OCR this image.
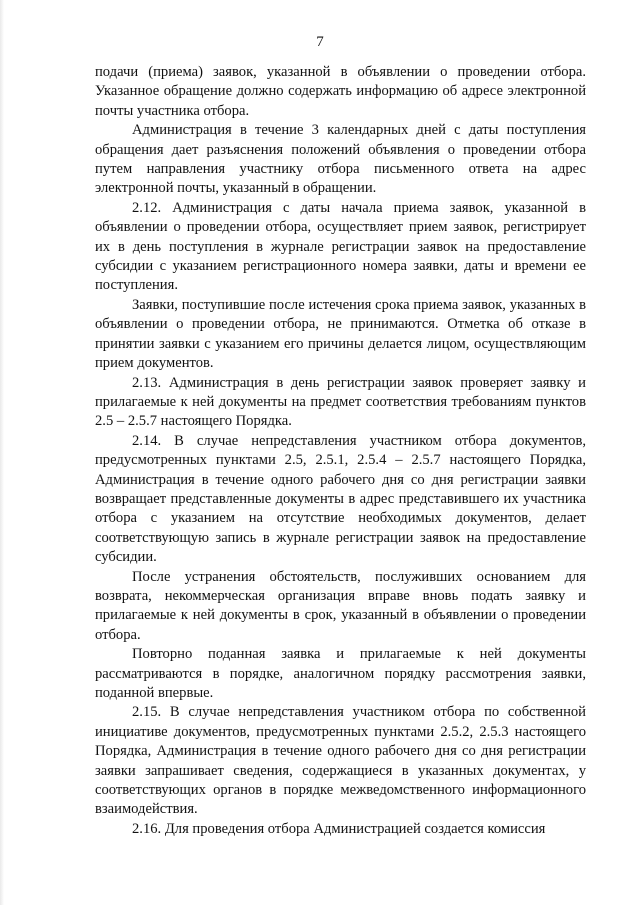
7

подачи (приема) заявок, указанной в объявлении о проведении отбора. Указанное обращение должно содержать информацию об адресе электронной почты участника отбора.

Администрация в течение 3 календарных дней с даты поступления обращения дает разъяснения положений объявления о проведении отбора путем направления участнику отбора письменного ответа на адрес электронной почты, указанный в обращении.

2.12. Администрация с даты начала приема заявок, указанной в объявлении о проведении отбора, осуществляет прием заявок, регистрирует их в день поступления в журнале регистрации заявок на предоставление субсидии с указанием регистрационного номера заявки, даты и времени ее поступления.

Заявки, поступившие после истечения срока приема заявок, указанных в объявлении о проведении отбора, не принимаются. Отметка об отказе в принятии заявки с указанием его причины делается лицом, осуществляющим прием документов.

2.13. Администрация в день регистрации заявок проверяет заявку и прилагаемые к ней документы на предмет соответствия требованиям пунктов 2.5 – 2.5.7 настоящего Порядка.

2.14. В случае непредставления участником отбора документов, предусмотренных пунктами 2.5, 2.5.1, 2.5.4 – 2.5.7 настоящего Порядка, Администрация в течение одного рабочего дня со дня регистрации заявки возвращает представленные документы в адрес представившего их участника отбора с указанием на отсутствие необходимых документов, делает соответствующую запись в журнале регистрации заявок на предоставление субсидии.

После устранения обстоятельств, послуживших основанием для возврата, некоммерческая организация вправе вновь подать заявку и прилагаемые к ней документы в срок, указанный в объявлении о проведении отбора.

Повторно поданная заявка и прилагаемые к ней документы рассматриваются в порядке, аналогичном порядку рассмотрения заявки, поданной впервые.

2.15. В случае непредставления участником отбора по собственной инициативе документов, предусмотренных пунктами 2.5.2, 2.5.3 настоящего Порядка, Администрация в течение одного рабочего дня со дня регистрации заявки запрашивает сведения, содержащиеся в указанных документах, у соответствующих органов в порядке межведомственного информационного взаимодействия.

2.16. Для проведения отбора Администрацией создается комиссия
